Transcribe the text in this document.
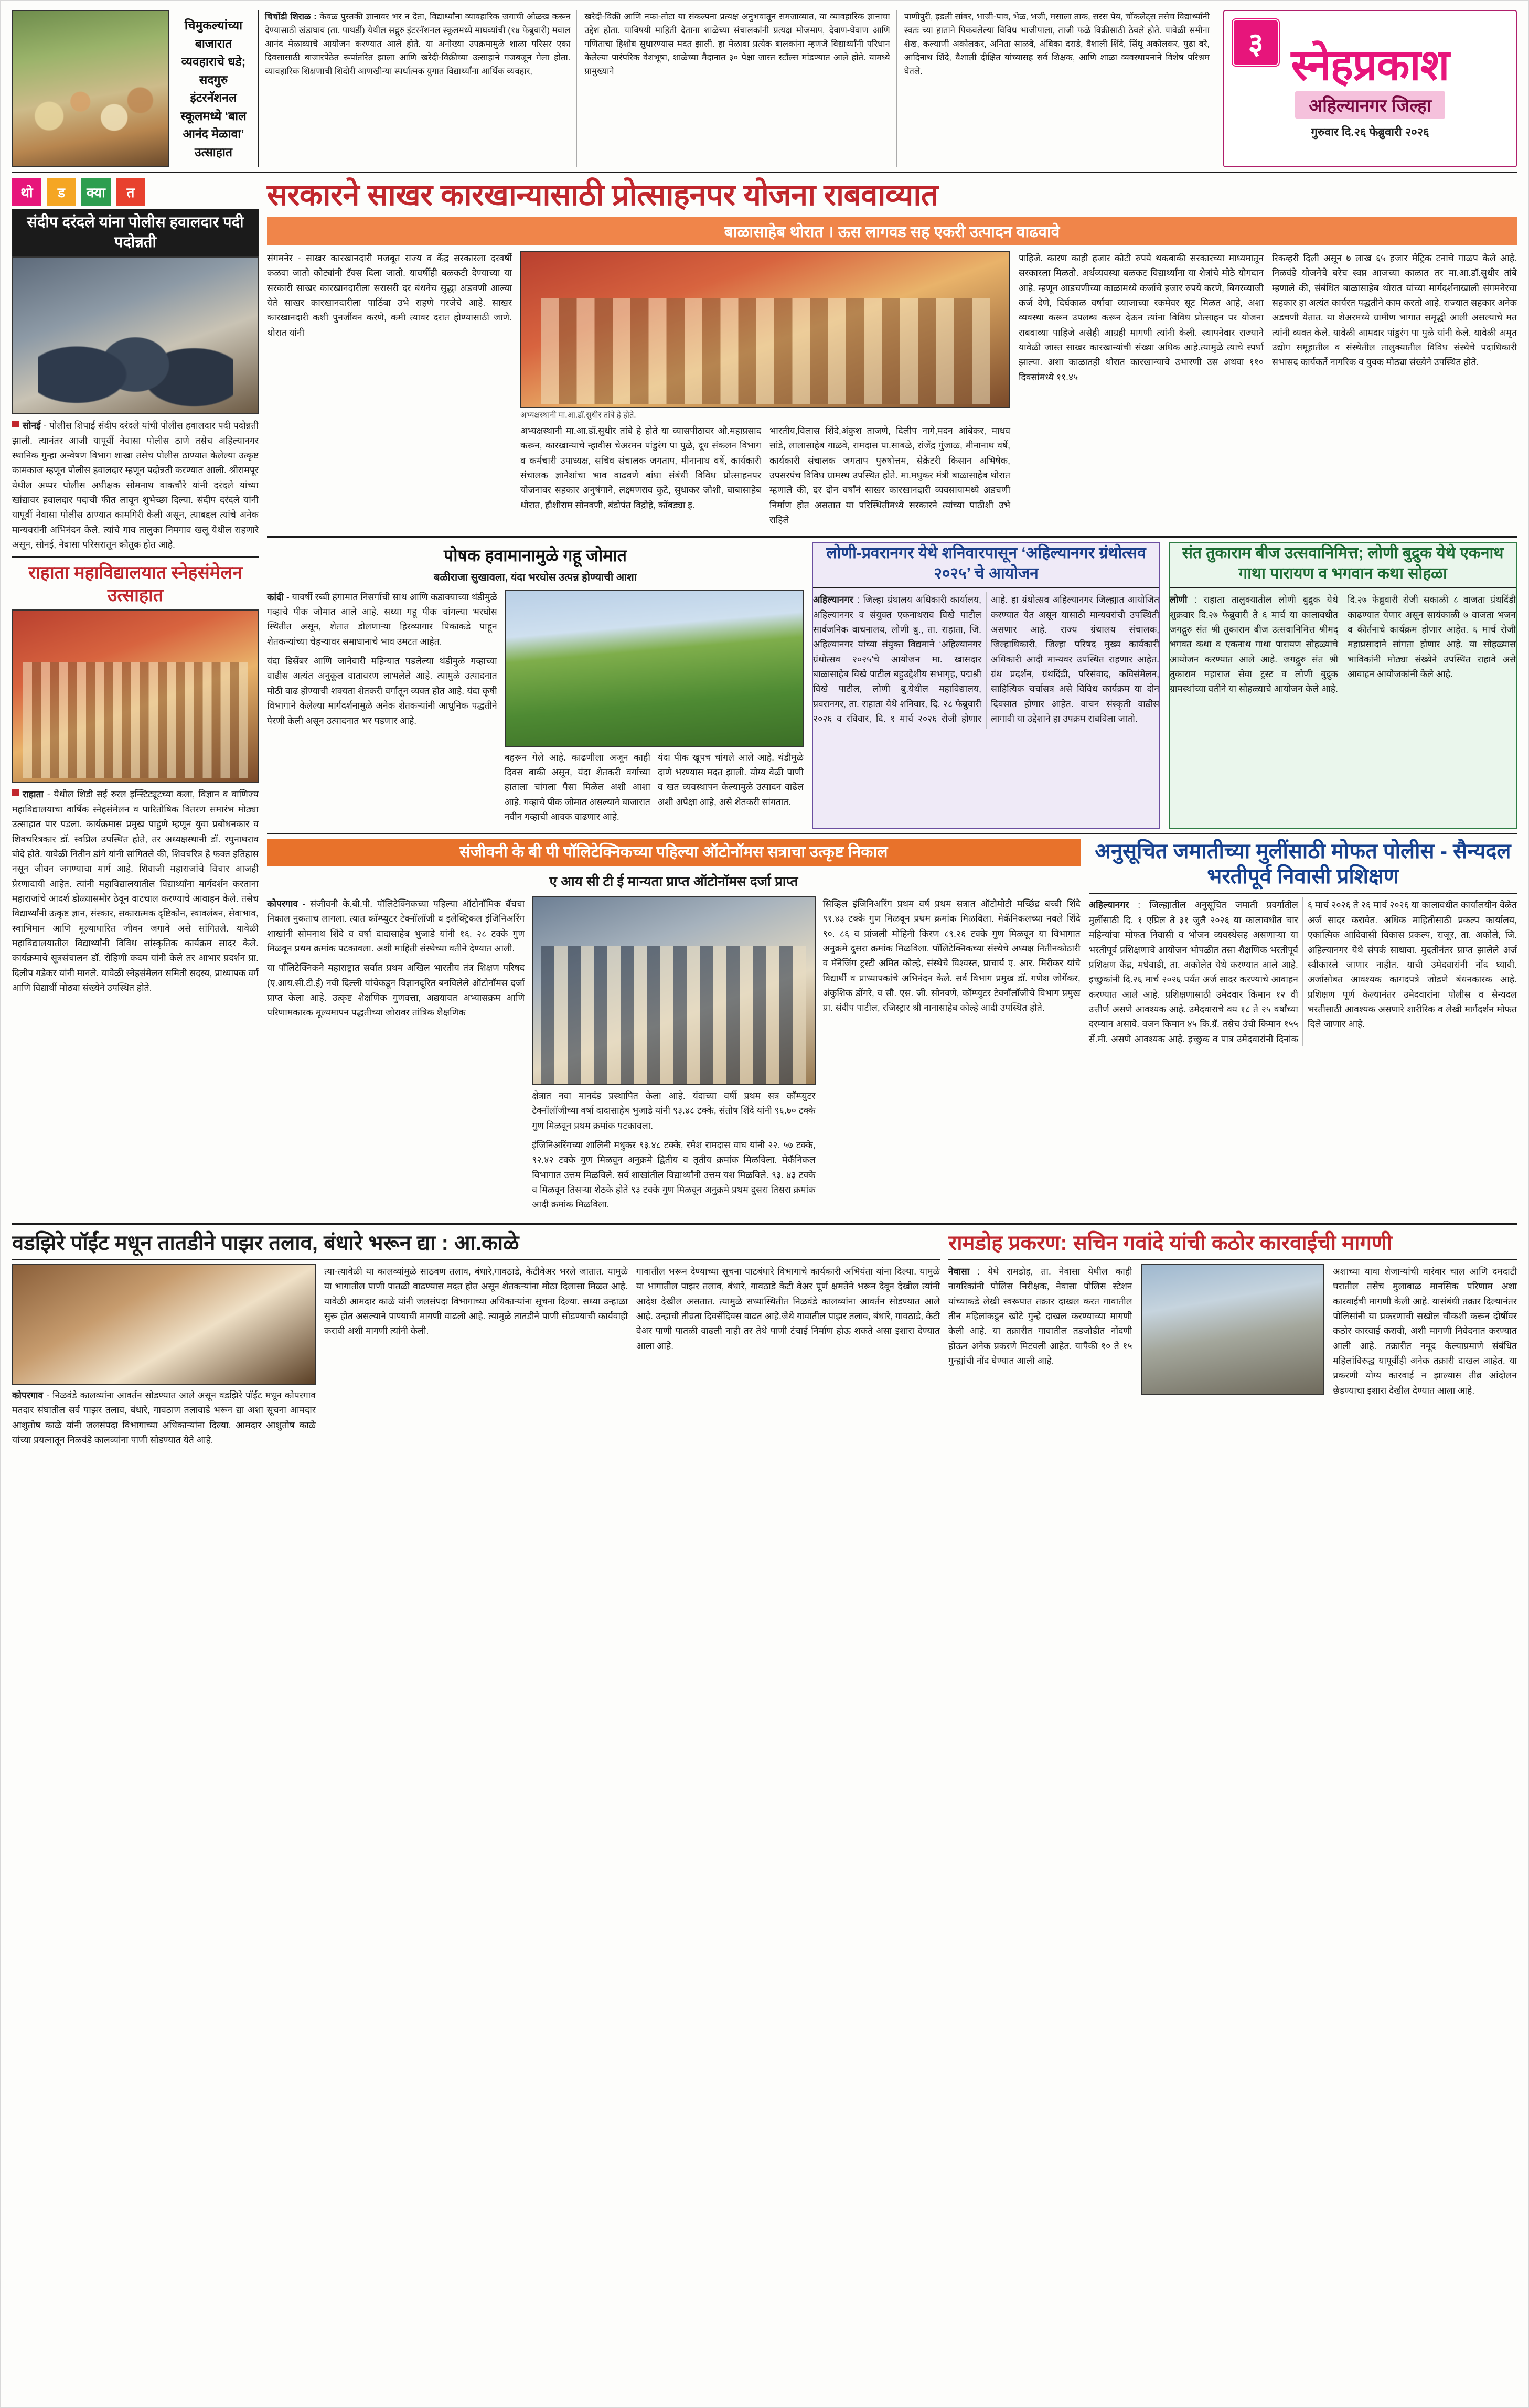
चिमुकल्यांच्या बाजारात व्यवहाराचे धडे; सदगुरु इंटरनॅशनल स्कूलमध्ये ‘बाल आनंद मेळावा’ उत्साहात

चिचोंडी शिराळ : केवळ पुस्तकी ज्ञानावर भर न देता, विद्यार्थ्यांना व्यावहारिक जगाची ओळख करून देण्यासाठी खंडाघाव (ता. पाथर्डी) येथील सद्गुरु इंटरनॅशनल स्कूलमध्ये माघव्यांची (१४ फेब्रुवारी) मवाल आनंद मेळाव्याचे आयोजन करण्यात आले होते. या अनोख्या उपक्रमामुळे शाळा परिसर एका दिवसासाठी बाजारपेठेत रूपांतरित झाला आणि खरेदी-विक्रीच्या उत्साहाने गजबजून गेला होता. व्यावहारिक शिक्षणाची शिदोरी आणखीन्या स्पर्धात्मक युगात विद्यार्थ्यांना आर्थिक व्यवहार,

खरेदी-विक्री आणि नफा-तोटा या संकल्पना प्रत्यक्ष अनुभवातून समजाव्यात, या व्यावहारिक ज्ञानाचा उद्देश होता. याविषयी माहिती देताना शाळेच्या संचालकांनी प्रत्यक्ष मोजमाप, देवाण-घेवाण आणि गणिताचा हिशोब सुधारण्यास मदत झाली. हा मेळावा प्रत्येक बालकांना म्हणजे विद्यार्थ्यांनी परिधान केलेल्या पारंपरिक वेशभूषा, शाळेच्या मैदानात ३० पेक्षा जास्त स्टॉल्स मांडण्यात आले होते. यामध्ये प्रामुख्याने

पाणीपुरी, इडली सांबर, भाजी-पाव, भेळ, भजी, मसाला ताक, सरस पेय, चॉकलेट्स तसेच विद्यार्थ्यांनी स्वतः च्या हाताने पिकवलेल्या विविध भाजीपाला, ताजी फळे विक्रीसाठी ठेवले होते. यावेळी समीना शेख, कल्याणी अकोलकर, अनिता साळवे, अंबिका दराडे, वैशाली शिंदे, सिंधू अकोलकर, पुढा वरे, आदिनाथ शिंदे, वैशाली दीक्षित यांच्यासह सर्व शिक्षक, आणि शाळा व्यवस्थापनाने विशेष परिश्रम घेतले.

३ स्नेहप्रकाश
अहिल्यानगर जिल्हा
गुरुवार दि.२६ फेब्रुवारी २०२६
थो	ड	क्या	त
संदीप दरंदले यांना पोलीस हवालदार पदी पदोन्नती

सोनई - पोलीस शिपाई संदीप दरंदले यांची पोलीस हवालदार पदी पदोन्नती झाली. त्यानंतर आजी यापूर्वी नेवासा पोलीस ठाणे तसेच अहिल्यानगर स्थानिक गुन्हा अन्वेषण विभाग शाखा तसेच पोलीस ठाण्यात केलेल्या उत्कृष्ट कामकाज म्हणून पोलीस हवालदार म्हणून पदोन्नती करण्यात आली. श्रीरामपूर येथील अप्पर पोलीस अधीक्षक सोमनाथ वाकचौरे यांनी दरंदले यांच्या खांद्यावर हवालदार पदाची फीत लावून शुभेच्छा दिल्या. संदीप दरंदले यांनी यापूर्वी नेवासा पोलीस ठाण्यात कामगिरी केली असून, त्याबद्दल त्यांचे अनेक मान्यवरांनी अभिनंदन केले. त्यांचे गाव तालुका निमगाव खलू येथील राहणारे असून, सोनई, नेवासा परिसरातून कौतुक होत आहे.

राहाता महाविद्यालयात स्नेहसंमेलन उत्साहात

राहाता - येथील शिडी सई रुरल इन्स्टिट्यूटच्या कला, विज्ञान व वाणिज्य महाविद्यालयाचा वार्षिक स्नेहसंमेलन व पारितोषिक वितरण समारंभ मोठ्या उत्साहात पार पडला. कार्यक्रमास प्रमुख पाहुणे म्हणून युवा प्रबोधनकार व शिवचरित्रकार डॉ. स्वप्निल उपस्थित होते, तर अध्यक्षस्थानी डॉ. रघुनाथराव बोदे होते. यावेळी नितीन डांगे यांनी सांगितले की, शिवचरित्र हे फक्त इतिहास नसून जीवन जगण्याचा मार्ग आहे. शिवाजी महाराजांचे विचार आजही प्रेरणादायी आहेत. त्यांनी महाविद्यालयातील विद्यार्थ्यांना मार्गदर्शन करताना महाराजांचे आदर्श डोळ्यासमोर ठेवून वाटचाल करण्याचे आवाहन केले. तसेच विद्यार्थ्यांनी उत्कृष्ट ज्ञान, संस्कार, सकारात्मक दृष्टिकोन, स्वावलंबन, सेवाभाव, स्वाभिमान आणि मूल्याधारित जीवन जगावे असे सांगितले. यावेळी महाविद्यालयातील विद्यार्थ्यांनी विविध सांस्कृतिक कार्यक्रम सादर केले. कार्यक्रमाचे सूत्रसंचालन डॉ. रोहिणी कदम यांनी केले तर आभार प्रदर्शन प्रा. दिलीप गडेकर यांनी मानले. यावेळी स्नेहसंमेलन समिती सदस्य, प्राध्यापक वर्ग आणि विद्यार्थी मोठ्या संख्येने उपस्थित होते.

सरकारने साखर कारखान्यासाठी प्रोत्साहनपर योजना राबवाव्यात
बाळासाहेब थोरात । ऊस लागवड सह एकरी उत्पादन वाढवावे

संगमनेर - साखर कारखानदारी मजबूत राज्य व केंद्र सरकारला दरवर्षी कळवा जातो कोट्यांनी टॅक्स दिला जातो. यावर्षीही बळकटी देण्याच्या या सरकारी साखर कारखानदारीला सरासरी दर बंधनेच सुद्धा अडचणी आल्या येते साखर कारखानदारीला पाठिंबा उभे राहणे गरजेचे आहे. साखर कारखानदारी कशी पुनर्जीवन करणे, कमी त्यावर दरात होण्यासाठी जाणे. थोरात यांनी

अभ्यक्षस्थानी मा.आ.डॉ.सुधीर तांबे हे होते.

अभ्यक्षस्थानी मा.आ.डॉ.सुधीर तांबे हे होते या व्यासपीठावर औ.महाप्रसाद करून, कारखान्याचे न्हावीस चेअरमन पांडुरंग पा पुळे, दूध संकलन विभाग व कर्मचारी उपाध्यक्ष, सचिव संचालक जगताप, मीनानाथ वर्षे, कार्यकारी संचालक ज्ञानेशांचा भाव वाढवणे बांधा संबंधी विविध प्रोत्साहनपर योजनावर सहकार अनुषंगाने, लक्ष्मणराव कुटे, सुधाकर जोशी, बाबासाहेब थोरात, हौशीराम सोनवणी, बंडोपंत विद्रोहे, कोंबड्या इ.

भारतीय,विलास शिंदे,अंकुश ताजणे, दिलीप नागे,मदन आंबेकर, माधव सांडे, लालासाहेब गाळवे, रामदास पा.साबळे, रांजेंद्र गुंजाळ, मीनानाथ वर्षे, कार्यकारी संचालक जगताप पुरुषोत्तम, सेक्रेटरी किसान अभिषेक, उपसरपंच विविध ग्रामस्थ उपस्थित होते. मा.मधुकर मंत्री बाळासाहेब थोरात म्हणाले की, दर दोन वर्षांनं साखर कारखानदारी व्यवसायामध्ये अडचणी निर्माण होत असतात या परिस्थितीमध्ये सरकारने त्यांच्या पाठीशी उभे राहिले

पाहिजे. कारण काही हजार कोटी रुपये थकबाकी सरकारच्या माध्यमातून सरकारला मिळतो. अर्थव्यवस्था बळकट विद्यार्थ्यांना या शेत्रांचे मोठे योगदान आहे. म्हणून आडचणीच्या काळामध्ये कर्जाचे हजार रुपये करणे, बिगरव्याजी कर्ज देणे, दिर्घकाळ वर्षांचा व्याजाच्या रकमेवर सूट मिळत आहे, अशा व्यवस्था करून उपलब्ध करून देऊन त्यांना विविध प्रोत्साहन पर योजना राबवाव्या पाहिजे असेही आग्रही मागणी त्यांनी केली. स्थापनेवार राज्याने यावेळी जास्त साखर कारखान्यांची संख्या अधिक आहे.त्यामुळे त्याचे स्पर्धा झाल्या. अशा काळातही थोरात कारखान्याचे उभारणी उस अथवा ११० दिवसांमध्ये ११.४५

रिकव्हरी दिली असून ७ लाख ६५ हजार मेट्रिक टनाचे गाळप केले आहे. निळवंडे योजनेचे बरेच स्वप्न आजच्या काळात तर मा.आ.डॉ.सुधीर तांबे म्हणाले की, संबंधित बाळासाहेब थोरात यांच्या मार्गदर्शनाखाली संगमनेरचा सहकार हा अत्यंत कार्यरत पद्धतीने काम करतो आहे. राज्यात सहकार अनेक अडचणी येतात. या शेअरमध्ये ग्रामीण भागात समृद्धी आली असल्याचे मत त्यांनी व्यक्त केले. यावेळी आमदार पांडुरंग पा पुळे यांनी केले. यावेळी अमृत उद्योग समूहातील व संस्थेतील तालुक्यातील विविध संस्थेचे पदाधिकारी सभासद कार्यकर्ते नागरिक व युवक मोठ्या संख्येने उपस्थित होते.

पोषक हवामानामुळे गहू जोमात
बळीराजा सुखावला, यंदा भरघोस उत्पन्न होण्याची आशा

कांदी - यावर्षी रब्बी हंगामात निसर्गाची साथ आणि कडाक्याच्या थंडीमुळे गव्हाचे पीक जोमात आले आहे. सध्या गहू पीक चांगल्या भरघोस स्थितीत असून, शेतात डोलणाऱ्या हिरव्यागार पिकाकडे पाहून शेतकऱ्यांच्या चेहऱ्यावर समाधानाचे भाव उमटत आहेत.

यंदा डिसेंबर आणि जानेवारी महिन्यात पडलेल्या थंडीमुळे गव्हाच्या वाढीस अत्यंत अनुकूल वातावरण लाभलेले आहे. त्यामुळे उत्पादनात मोठी वाढ होण्याची शक्यता शेतकरी वर्गातून व्यक्त होत आहे. यंदा कृषी विभागाने केलेल्या मार्गदर्शनामुळे अनेक शेतकऱ्यांनी आधुनिक पद्धतीने पेरणी केली असून उत्पादनात भर पडणार आहे.

बहरून गेले आहे. काढणीला अजून काही दिवस बाकी असून, यंदा शेतकरी वर्गाच्या हाताला चांगला पैसा मिळेल अशी आशा आहे. गव्हाचे पीक जोमात असल्याने बाजारात नवीन गव्हाची आवक वाढणार आहे.

यंदा पीक खूपच चांगले आले आहे. थंडीमुळे दाणे भरण्यास मदत झाली. योग्य वेळी पाणी व खत व्यवस्थापन केल्यामुळे उत्पादन वाढेल अशी अपेक्षा आहे, असे शेतकरी सांगतात.

लोणी-प्रवरानगर येथे शनिवारपासून ‘अहिल्यानगर ग्रंथोत्सव २०२५’ चे आयोजन

अहिल्यानगर : जिल्हा ग्रंथालय अधिकारी कार्यालय, अहिल्यानगर व संयुक्त एकनाथराव विखे पाटील सार्वजनिक वाचनालय, लोणी बु., ता. राहाता, जि. अहिल्यानगर यांच्या संयुक्त विद्यमाने ‘अहिल्यानगर ग्रंथोत्सव २०२५’चे आयोजन मा. खासदार बाळासाहेब विखे पाटील बहुउद्देशीय सभागृह, पद्मश्री विखे पाटील, लोणी बु.येथील महाविद्यालय, प्रवरानगर, ता. राहाता येथे शनिवार, दि. २८ फेब्रुवारी २०२६ व रविवार, दि. १ मार्च २०२६ रोजी होणार आहे. हा ग्रंथोत्सव अहिल्यानगर जिल्ह्यात आयोजित करण्यात येत असून यासाठी मान्यवरांची उपस्थिती असणार आहे. राज्य ग्रंथालय संचालक, जिल्हाधिकारी, जिल्हा परिषद मुख्य कार्यकारी अधिकारी आदी मान्यवर उपस्थित राहणार आहेत. ग्रंथ प्रदर्शन, ग्रंथदिंडी, परिसंवाद, कविसंमेलन, साहित्यिक चर्चासत्र असे विविध कार्यक्रम या दोन दिवसात होणार आहेत. वाचन संस्कृती वाढीस लागावी या उद्देशाने हा उपक्रम राबविला जातो.

संत तुकाराम बीज उत्सवानिमित्त; लोणी बुद्रुक येथे एकनाथ गाथा पारायण व भगवान कथा सोहळा

लोणी : राहाता तालुक्यातील लोणी बुद्रुक येथे शुक्रवार दि.२७ फेब्रुवारी ते ६ मार्च या कालावधीत जगद्गुरु संत श्री तुकाराम बीज उत्सवानिमित्त श्रीमद् भगवत कथा व एकनाथ गाथा पारायण सोहळ्याचे आयोजन करण्यात आले आहे. जगद्गुरु संत श्री तुकाराम महाराज सेवा ट्रस्ट व लोणी बुद्रुक ग्रामस्थांच्या वतीने या सोहळ्याचे आयोजन केले आहे. दि.२७ फेब्रुवारी रोजी सकाळी ८ वाजता ग्रंथदिंडी काढण्यात येणार असून सायंकाळी ७ वाजता भजन व कीर्तनाचे कार्यक्रम होणार आहेत. ६ मार्च रोजी महाप्रसादाने सांगता होणार आहे. या सोहळ्यास भाविकांनी मोठ्या संख्येने उपस्थित राहावे असे आवाहन आयोजकांनी केले आहे.

संजीवनी के बी पी पॉलिटेक्निकच्या पहिल्या ऑटोनॉमस सत्राचा उत्कृष्ट निकाल
ए आय सी टी ई मान्यता प्राप्त ऑटोनॉमस दर्जा प्राप्त

कोपरगाव - संजीवनी के.बी.पी. पॉलिटेक्निकच्या पहिल्या ऑटोनॉमिक बॅचचा निकाल नुकताच लागला. त्यात कॉम्प्युटर टेक्नॉलॉजी व इलेक्ट्रिकल इंजिनिअरिंग शाखांनी सोमनाथ शिंदे व वर्षा दादासाहेब भुजाडे यांनी १६. २८ टक्के गुण मिळवून प्रथम क्रमांक पटकावला. अशी माहिती संस्थेच्या वतीने देण्यात आली.

या पॉलिटेक्निकने महाराष्ट्रात सर्वात प्रथम अखिल भारतीय तंत्र शिक्षण परिषद (ए.आय.सी.टी.ई) नवी दिल्ली यांचेकडून विज्ञानदूरित बनविलेले ऑटोनॉमस दर्जा प्राप्त केला आहे. उत्कृष्ट शैक्षणिक गुणवत्ता, अद्ययावत अभ्यासक्रम आणि परिणामकारक मूल्यमापन पद्धतीच्या जोरावर तांत्रिक शैक्षणिक

क्षेत्रात नवा मानदंड प्रस्थापित केला आहे. यंदाच्या वर्षी प्रथम सत्र कॉम्प्युटर टेक्नॉलॉजीच्या वर्षा दादासाहेब भुजाडे यांनी ९३.४८ टक्के, संतोष शिंदे यांनी ९६.७० टक्के गुण मिळवून प्रथम क्रमांक पटकावला.

इंजिनिअरिंगच्या शालिनी मधुकर ९३.४८ टक्के, रमेश रामदास वाघ यांनी २२. ५७ टक्के, ९२.४२ टक्के गुण मिळवून अनुक्रमे द्वितीय व तृतीय क्रमांक मिळविला. मेकॅनिकल विभागात उत्तम मिळविले. सर्व शाखांतील विद्यार्थ्यांनी उत्तम यश मिळविले. ९३. ४३ टक्के व मिळवून तिसऱ्या शेठके होते ९३ टक्के गुण मिळवून अनुक्रमे प्रथम दुसरा तिसरा क्रमांक आदी क्रमांक मिळविला.

सिव्हिल इंजिनिअरिंग प्रथम वर्ष प्रथम सत्रात ऑटोमोटी मच्छिंद्र बच्ची शिंदे ९१.४३ टक्के गुण मिळवून प्रथम क्रमांक मिळविला. मेकॅनिकलच्या नवले शिंदे ९०. ८६ व प्रांजली मोहिनी किरण ८९.२६ टक्के गुण मिळवून या विभागात अनुक्रमे दुसरा क्रमांक मिळविला. पॉलिटेक्निकच्या संस्थेचे अध्यक्ष नितीनकोठारी व मॅनेजिंग ट्रस्टी अमित कोल्हे, संस्थेचे विश्वस्त, प्राचार्य ए. आर. मिरीकर यांचे विद्यार्थी व प्राध्यापकांचे अभिनंदन केले. सर्व विभाग प्रमुख डॉ. गणेश जोगेंकर, अंकुशिक डोंगरे, व सौ. एस. जी. सोनवणे, कॉम्प्युटर टेक्नॉलॉजीचे विभाग प्रमुख प्रा. संदीप पाटील, रजिस्ट्रार श्री नानासाहेब कोल्हे आदी उपस्थित होते.

अनुसूचित जमातीच्या मुलींसाठी मोफत पोलीस - सैन्यदल भरतीपूर्व निवासी प्रशिक्षण

अहिल्यानगर : जिल्ह्यातील अनुसूचित जमाती प्रवर्गातील मुलींसाठी दि. १ एप्रिल ते ३१ जुलै २०२६ या कालावधीत चार महिन्यांचा मोफत निवासी व भोजन व्यवस्थेसह असणाऱ्या या भरतीपूर्व प्रशिक्षणाचे आयोजन भोपळीत तसा शैक्षणिक भरतीपूर्व प्रशिक्षण केंद्र, मधेवाडी, ता. अकोलेत येथे करण्यात आले आहे. इच्छुकांनी दि.२६ मार्च २०२६ पर्यंत अर्ज सादर करण्याचे आवाहन करण्यात आले आहे. प्रशिक्षणासाठी उमेदवार किमान १२ वी उत्तीर्ण असणे आवश्यक आहे. उमेदवाराचे वय १८ ते २५ वर्षांच्या दरम्यान असावे. वजन किमान ४५ कि.ग्रॅ. तसेच उंची किमान १५५ सें.मी. असणे आवश्यक आहे. इच्छुक व पात्र उमेदवारांनी दिनांक ६ मार्च २०२६ ते २६ मार्च २०२६ या कालावधीत कार्यालयीन वेळेत अर्ज सादर करावेत. अधिक माहितीसाठी प्रकल्प कार्यालय, एकात्मिक आदिवासी विकास प्रकल्प, राजूर, ता. अकोले, जि. अहिल्यानगर येथे संपर्क साधावा. मुदतीनंतर प्राप्त झालेले अर्ज स्वीकारले जाणार नाहीत. याची उमेदवारांनी नोंद घ्यावी. अर्जासोबत आवश्यक कागदपत्रे जोडणे बंधनकारक आहे. प्रशिक्षण पूर्ण केल्यानंतर उमेदवारांना पोलीस व सैन्यदल भरतीसाठी आवश्यक असणारे शारीरिक व लेखी मार्गदर्शन मोफत दिले जाणार आहे.

वडझिरे पॉईंट मधून तातडीने पाझर तलाव, बंधारे भरून द्या : आ.काळे

कोपरगाव - निळवंडे कालव्यांना आवर्तन सोडण्यात आले असून वडझिरे पॉईंट मधून कोपरगाव मतदार संघातील सर्व पाझर तलाव, बंधारे, गावठाण तलावाडे भरून द्या अशा सूचना आमदार आशुतोष काळे यांनी जलसंपदा विभागाच्या अधिकाऱ्यांना दिल्या. आमदार आशुतोष काळे यांच्या प्रयत्नातून निळवंडे कालव्यांना पाणी सोडण्यात येते आहे.

त्या-त्यावेळी या कालव्यांमुळे साठवण तलाव, बंधारे,गावठाडे, केटीवेअर भरले जातात. यामुळे या भागातील पाणी पातळी वाढण्यास मदत होत असून शेतकऱ्यांना मोठा दिलासा मिळत आहे. यावेळी आमदार काळे यांनी जलसंपदा विभागाच्या अधिकाऱ्यांना सूचना दिल्या. सध्या उन्हाळा सुरू होत असल्याने पाण्याची मागणी वाढली आहे. त्यामुळे तातडीने पाणी सोडण्याची कार्यवाही करावी अशी मागणी त्यांनी केली.

गावातील भरून देण्याच्या सूचना पाटबंधारे विभागाचे कार्यकारी अभियंता यांना दिल्या. यामुळे या भागातील पाझर तलाव, बंधारे, गावठाडे केटी वेअर पूर्ण क्षमतेने भरून देवून देखील त्यांनी आदेश देखील असतात. त्यामुळे सध्यास्थितीत निळवंडे कालव्यांना आवर्तन सोडण्यात आले आहे. उन्हाची तीव्रता दिवसेंदिवस वाढत आहे.जेथे गावातील पाझर तलाव, बंधारे, गावठाडे, केटी वेअर पाणी पातळी वाढली नाही तर तेथे पाणी टंचाई निर्माण होऊ शकते असा इशारा देण्यात आला आहे.

रामडोह प्रकरण: सचिन गवांदे यांची कठोर कारवाईची मागणी

नेवासा : येथे रामडोह, ता. नेवासा येथील काही नागरिकांनी पोलिस निरीक्षक, नेवासा पोलिस स्टेशन यांच्याकडे लेखी स्वरूपात तक्रार दाखल करत गावातील तीन महिलांकडून खोटे गुन्हे दाखल करण्याच्या मागणी केली आहे. या तक्रारीत गावातील तडजोडीत नोंदणी होऊन अनेक प्रकरणे मिटवली आहेत. यापैकी १० ते १५ गुन्ह्यांची नोंद घेण्यात आली आहे.

अशाच्या यावा शेजाऱ्यांची वारंवार चाल आणि दमदाटी घरातील तसेच मुलाबाळ मानसिक परिणाम अशा कारवाईची मागणी केली आहे. यासंबंधी तक्रार दिल्यानंतर पोलिसांनी या प्रकरणाची सखोल चौकशी करून दोषींवर कठोर कारवाई करावी, अशी मागणी निवेदनात करण्यात आली आहे. तक्रारीत नमूद केल्याप्रमाणे संबंधित महिलांविरुद्ध यापूर्वीही अनेक तक्रारी दाखल आहेत. या प्रकरणी योग्य कारवाई न झाल्यास तीव्र आंदोलन छेडण्याचा इशारा देखील देण्यात आला आहे.
